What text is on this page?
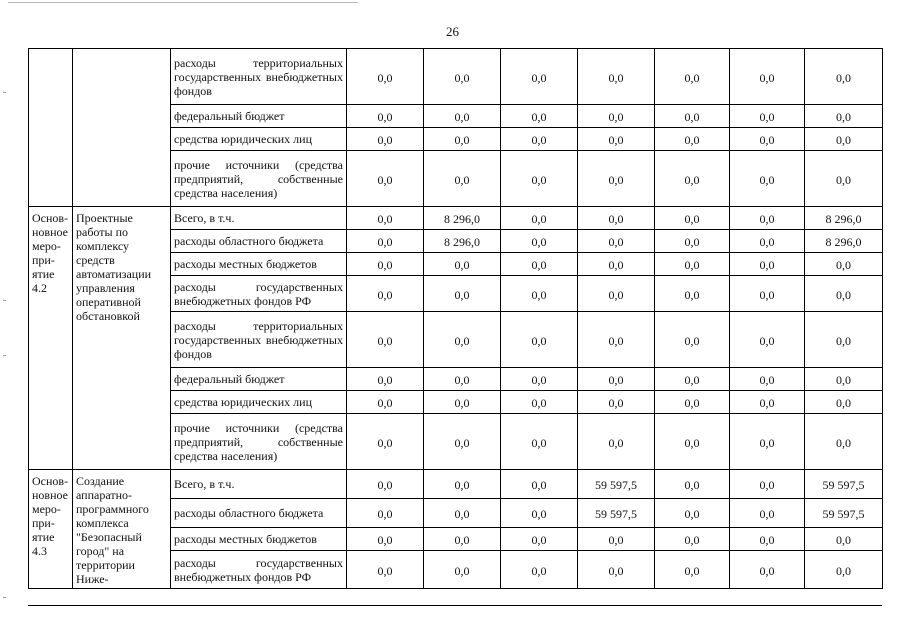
26
		расходы территориальных государственных внебюджетных фондов	0,0	0,0	0,0	0,0	0,0	0,0	0,0
		федеральный бюджет	0,0	0,0	0,0	0,0	0,0	0,0	0,0
		средства юридических лиц	0,0	0,0	0,0	0,0	0,0	0,0	0,0
		прочие источники (средства предприятий, собственные средства населения)	0,0	0,0	0,0	0,0	0,0	0,0	0,0
Основновное мероприятие 4.2	Проектные работы по комплексу средств автоматизации управления оперативной обстановкой	Всего, в т.ч.	0,0	8 296,0	0,0	0,0	0,0	0,0	8 296,0
		расходы областного бюджета	0,0	8 296,0	0,0	0,0	0,0	0,0	8 296,0
		расходы местных бюджетов	0,0	0,0	0,0	0,0	0,0	0,0	0,0
		расходы государственных внебюджетных фондов РФ	0,0	0,0	0,0	0,0	0,0	0,0	0,0
		расходы территориальных государственных внебюджетных фондов	0,0	0,0	0,0	0,0	0,0	0,0	0,0
		федеральный бюджет	0,0	0,0	0,0	0,0	0,0	0,0	0,0
		средства юридических лиц	0,0	0,0	0,0	0,0	0,0	0,0	0,0
		прочие источники (средства предприятий, собственные средства населения)	0,0	0,0	0,0	0,0	0,0	0,0	0,0
Основновное мероприятие 4.3	Создание аппаратно-программного комплекса "Безопасный город" на территории Ниже-	Всего, в т.ч.	0,0	0,0	0,0	59 597,5	0,0	0,0	59 597,5
		расходы областного бюджета	0,0	0,0	0,0	59 597,5	0,0	0,0	59 597,5
		расходы местных бюджетов	0,0	0,0	0,0	0,0	0,0	0,0	0,0
		расходы государственных внебюджетных фондов РФ	0,0	0,0	0,0	0,0	0,0	0,0	0,0
